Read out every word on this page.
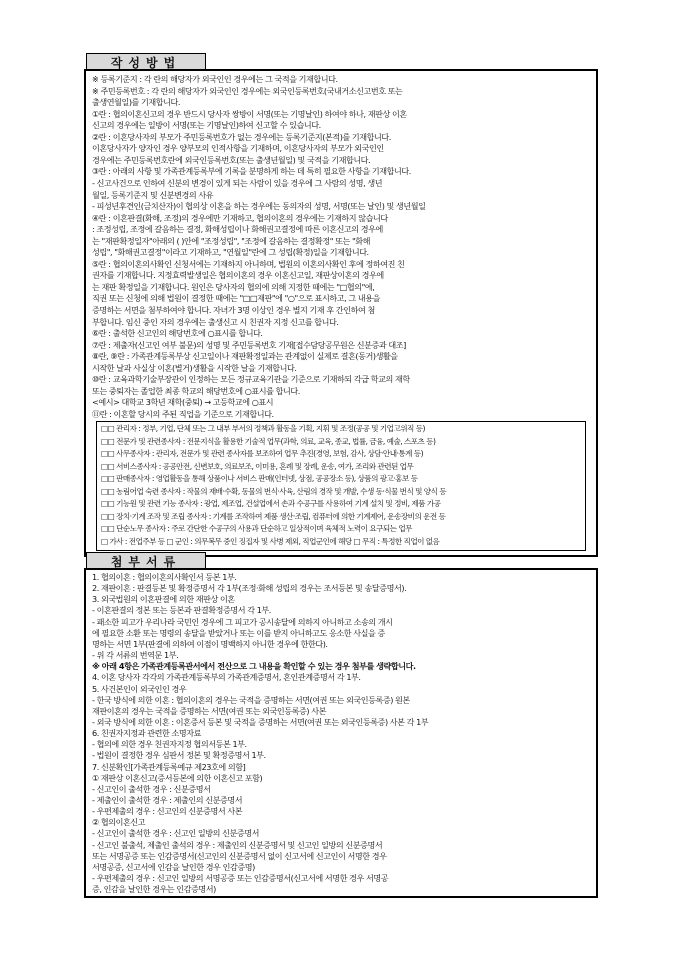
작성방법
※ 등록기준지 : 각 란의 해당자가 외국인인 경우에는 그 국적을 기재합니다.
※ 주민등록번호 : 각 란의 해당자가 외국인인 경우에는 외국인등록번호(국내거소신고번호 또는
출생연월일)를 기재합니다.
①란 : 협의이혼신고의 경우 반드시 당사자 쌍방이 서명(또는 기명날인) 하여야 하나, 재판상 이혼
신고의 경우에는 일방이 서명(또는 기명날인)하여 신고할 수 있습니다.
②란 : 이혼당사자의 부모가 주민등록번호가 없는 경우에는 등록기준지(본적)를 기재합니다.
이혼당사자가 양자인 경우 양부모의 인적사항을 기재하며, 이혼당사자의 부모가 외국인인
경우에는 주민등록번호란에 외국인등록번호(또는 출생년월일) 및 국적을 기재합니다.
③란 : 아래의 사항 및 가족관계등록부에 기록을 분명하게 하는 데 특히 필요한 사항을 기재합니다.
- 신고사건으로 인하여 신분의 변경이 있게 되는 사람이 있을 경우에 그 사람의 성명, 생년
월일, 등록기준지 및 신분변경의 사유
- 피성년후견인(금치산자)이 협의상 이혼을 하는 경우에는 동의자의 성명, 서명(또는 날인) 및 생년월일
④란 : 이혼판결(화해, 조정)의 경우에만 기재하고, 협의이혼의 경우에는 기재하지 않습니다
: 조정성립, 조정에 갈음하는 결정, 화해성립이나 화해권고결정에 따른 이혼신고의 경우에
는 "재판확정일자"아래의 ( )안에 "조정성립", "조정에 갈음하는 결정확정" 또는 "화해
성립", "화해권고결정"이라고 기재하고, "연월일"란에 그 성립(확정)일을 기재합니다.
⑤란 : 협의이혼의사확인 신청서에는 기재하지 아니하며, 법원의 이혼의사확인 후에 정하여진 친
권자를 기재합니다. 지정효력발생일은 협의이혼의 경우 이혼신고일, 재판상이혼의 경우에
는 재판 확정일을 기재합니다. 원인은 당사자의 협의에 의해 지정한 때에는 "□협의"에,
직권 또는 신청에 의해 법원이 결정한 때에는 "□□재판"에 "○"으로 표시하고, 그 내용을
증명하는 서면을 첨부하여야 합니다. 자녀가 3명 이상인 경우 별지 기재 후 간인하여 첨
부합니다. 임신 중인 자의 경우에는 출생신고 시 친권자 지정 신고를 합니다.
⑥란 : 출석한 신고인의 해당번호에 ○표시를 합니다.
⑦란 : 제출자(신고인 여부 불문)의 성명 및 주민등록번호 기재[접수담당공무원은 신분증과 대조]
⑧란, ⑨란 : 가족관계등록부상 신고일이나 재판확정일과는 관계없이 실제로 결혼(동거)생활을
시작한 날과 사실상 이혼(별거)생활을 시작한 날을 기재합니다.
⑩란 : 교육과학기술부장관이 인정하는 모든 정규교육기관을 기준으로 기재하되 각급 학교의 재학
또는 중퇴자는 졸업한 최종 학교의 해당번호에 ○표시를 합니다.
<예시> 대학교 3학년 재학(중퇴) → 고등학교에 ○표시
⑪란 : 이혼할 당시의 주된 직업을 기준으로 기재합니다.
□□ 관리자 : 정부, 기업, 단체 또는 그 내부 부서의 정책과 활동을 기획, 지휘 및 조정(공공 및 기업고위직 등)
□□ 전문가 및 관련종사자 : 전문지식을 활용한 기술적 업무(과학, 의료, 교육, 종교, 법률, 금융, 예술, 스포츠 등)
□□ 사무종사자 : 관리자, 전문가 및 관련 종사자를 보조하여 업무 추진(경영, 보험, 감사, 상담·안내·통계 등)
□□ 서비스종사자 : 공공안전, 신변보호, 의료보조, 이미용, 혼례 및 장례, 운송, 여가, 조리와 관련된 업무
□□ 판매종사자 : 영업활동을 통해 상품이나 서비스 판매(인터넷, 상점, 공공장소 등), 상품의 광고·홍보 등
□□ 농림어업 숙련 종사자 : 작물의 재배·수확, 동물의 번식·사육, 산림의 경작 및 개발, 수생 동·식물 번식 및 양식 등
□□ 기능원 및 관련 기능 종사자 : 광업, 제조업, 건설업에서 손과 수공구를 사용하여 기계 설치 및 정비, 제품 가공
□□ 장치·기계 조작 및 조립 종사자 : 기계를 조작하여 제품 생산·조립, 컴퓨터에 의한 기계제어, 운송장비의 운전 등
□□ 단순노무 종사자 : 주로 간단한 수공구의 사용과 단순하고 일상적이며 육체적 노력이 요구되는 업무
□ 가사 : 전업주부 등 □ 군인 : 의무복무 중인 징집자 및 사병 제외, 직업군인에 해당 □ 무직 : 특정한 직업이 없음
첨부서류
1. 협의이혼 : 협의이혼의사확인서 등본 1부.
2. 재판이혼 : 판결등본 및 확정증명서 각 1부(조정·화해 성립의 경우는 조서등본 및 송달증명서).
3. 외국법원의 이혼판결에 의한 재판상 이혼
- 이혼판결의 정본 또는 등본과 판결확정증명서 각 1부.
- 패소한 피고가 우리나라 국민인 경우에 그 피고가 공시송달에 의하지 아니하고 소송의 개시
에 필요한 소환 또는 명령의 송달을 받았거나 또는 이를 받지 아니하고도 응소한 사실을 증
명하는 서면 1부(판결에 의하여 이점이 명백하지 아니한 경우에 한한다).
- 위 각 서류의 번역문 1부.
※ 아래 4항은 가족관계등록관서에서 전산으로 그 내용을 확인할 수 있는 경우 첨부를 생략합니다.
4. 이혼 당사자 각각의 가족관계등록부의 가족관계증명서, 혼인관계증명서 각 1부.
5. 사건본인이 외국인인 경우
- 한국 방식에 의한 이혼 : 협의이혼의 경우는 국적을 증명하는 서면(여권 또는 외국인등록증) 원본
재판이혼의 경우는 국적을 증명하는 서면(여권 또는 외국인등록증) 사본
- 외국 방식에 의한 이혼 : 이혼증서 등본 및 국적을 증명하는 서면(여권 또는 외국인등록증) 사본 각 1부
6. 친권자지정과 관련한 소명자료
- 협의에 의한 경우 친권자지정 협의서등본 1부.
- 법원이 결정한 경우 심판서 정본 및 확정증명서 1부.
7. 신분확인[가족관계등록예규 제23호에 의함]
① 재판상 이혼신고(증서등본에 의한 이혼신고 포함)
- 신고인이 출석한 경우 : 신분증명서
- 제출인이 출석한 경우 : 제출인의 신분증명서
- 우편제출의 경우 : 신고인의 신분증명서 사본
② 협의이혼신고
- 신고인이 출석한 경우 : 신고인 일방의 신분증명서
- 신고인 불출석, 제출인 출석의 경우 : 제출인의 신분증명서 및 신고인 일방의 신분증명서
또는 서명공증 또는 인감증명서(신고인의 신분증명서 없이 신고서에 신고인이 서명한 경우
서명공증, 신고서에 인감을 날인한 경우 인감증명)
- 우편제출의 경우 : 신고인 일방의 서명공증 또는 인감증명서(신고서에 서명한 경우 서명공
증, 인감을 날인한 경우는 인감증명서)
